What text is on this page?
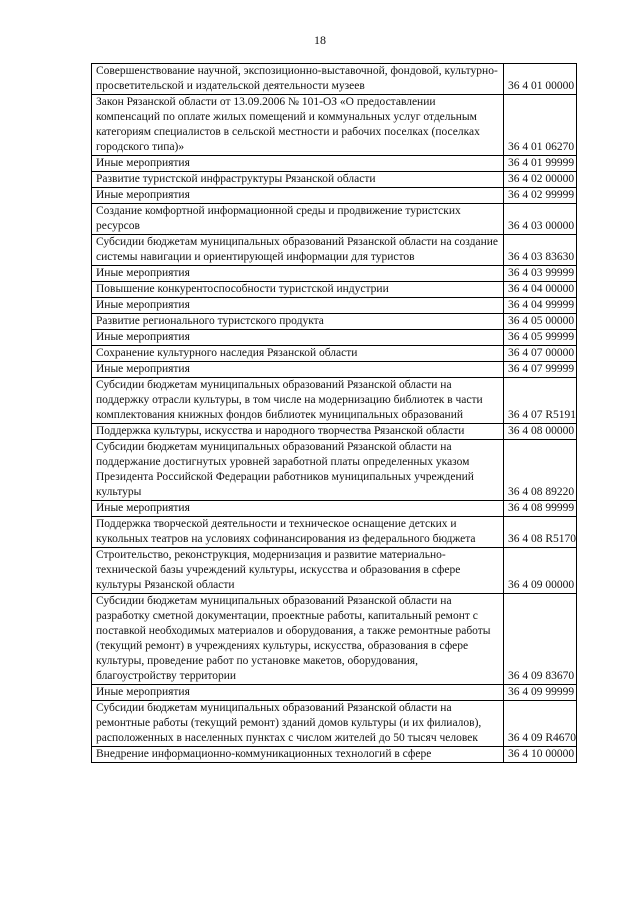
18
Совершенствование научной, экспозиционно-выставочной, фондовой, культурно-просветительской и издательской деятельности музеев	36 4 01 00000
Закон Рязанской области от 13.09.2006 № 101-ОЗ «О предоставлении компенсаций по оплате жилых помещений и коммунальных услуг отдельным категориям специалистов в сельской местности и рабочих поселках (поселках городского типа)»	36 4 01 06270
Иные мероприятия	36 4 01 99999
Развитие туристской инфраструктуры Рязанской области	36 4 02 00000
Иные мероприятия	36 4 02 99999
Создание комфортной информационной среды и продвижение туристских ресурсов	36 4 03 00000
Субсидии бюджетам муниципальных образований Рязанской области на создание системы навигации и ориентирующей информации для туристов	36 4 03 83630
Иные мероприятия	36 4 03 99999
Повышение конкурентоспособности туристской индустрии	36 4 04 00000
Иные мероприятия	36 4 04 99999
Развитие регионального туристского продукта	36 4 05 00000
Иные мероприятия	36 4 05 99999
Сохранение культурного наследия Рязанской области	36 4 07 00000
Иные мероприятия	36 4 07 99999
Субсидии бюджетам муниципальных образований Рязанской области на поддержку отрасли культуры, в том числе на модернизацию библиотек в части комплектования книжных фондов библиотек муниципальных образований	36 4 07 R5191
Поддержка культуры, искусства и народного творчества Рязанской области	36 4 08 00000
Субсидии бюджетам муниципальных образований Рязанской области на поддержание достигнутых уровней заработной платы определенных указом Президента Российской Федерации работников муниципальных учреждений культуры	36 4 08 89220
Иные мероприятия	36 4 08 99999
Поддержка творческой деятельности и техническое оснащение детских и кукольных театров на условиях софинансирования из федерального бюджета	36 4 08 R5170
Строительство, реконструкция, модернизация и развитие материально-технической базы учреждений культуры, искусства и образования в сфере культуры Рязанской области	36 4 09 00000
Субсидии бюджетам муниципальных образований Рязанской области на разработку сметной документации, проектные работы, капитальный ремонт с поставкой необходимых материалов и оборудования, а также ремонтные работы (текущий ремонт) в учреждениях культуры, искусства, образования в сфере культуры, проведение работ по установке макетов, оборудования, благоустройству территории	36 4 09 83670
Иные мероприятия	36 4 09 99999
Субсидии бюджетам муниципальных образований Рязанской области на ремонтные работы (текущий ремонт) зданий домов культуры (и их филиалов), расположенных в населенных пунктах с числом жителей до 50 тысяч человек	36 4 09 R4670
Внедрение информационно-коммуникационных технологий в сфере	36 4 10 00000
